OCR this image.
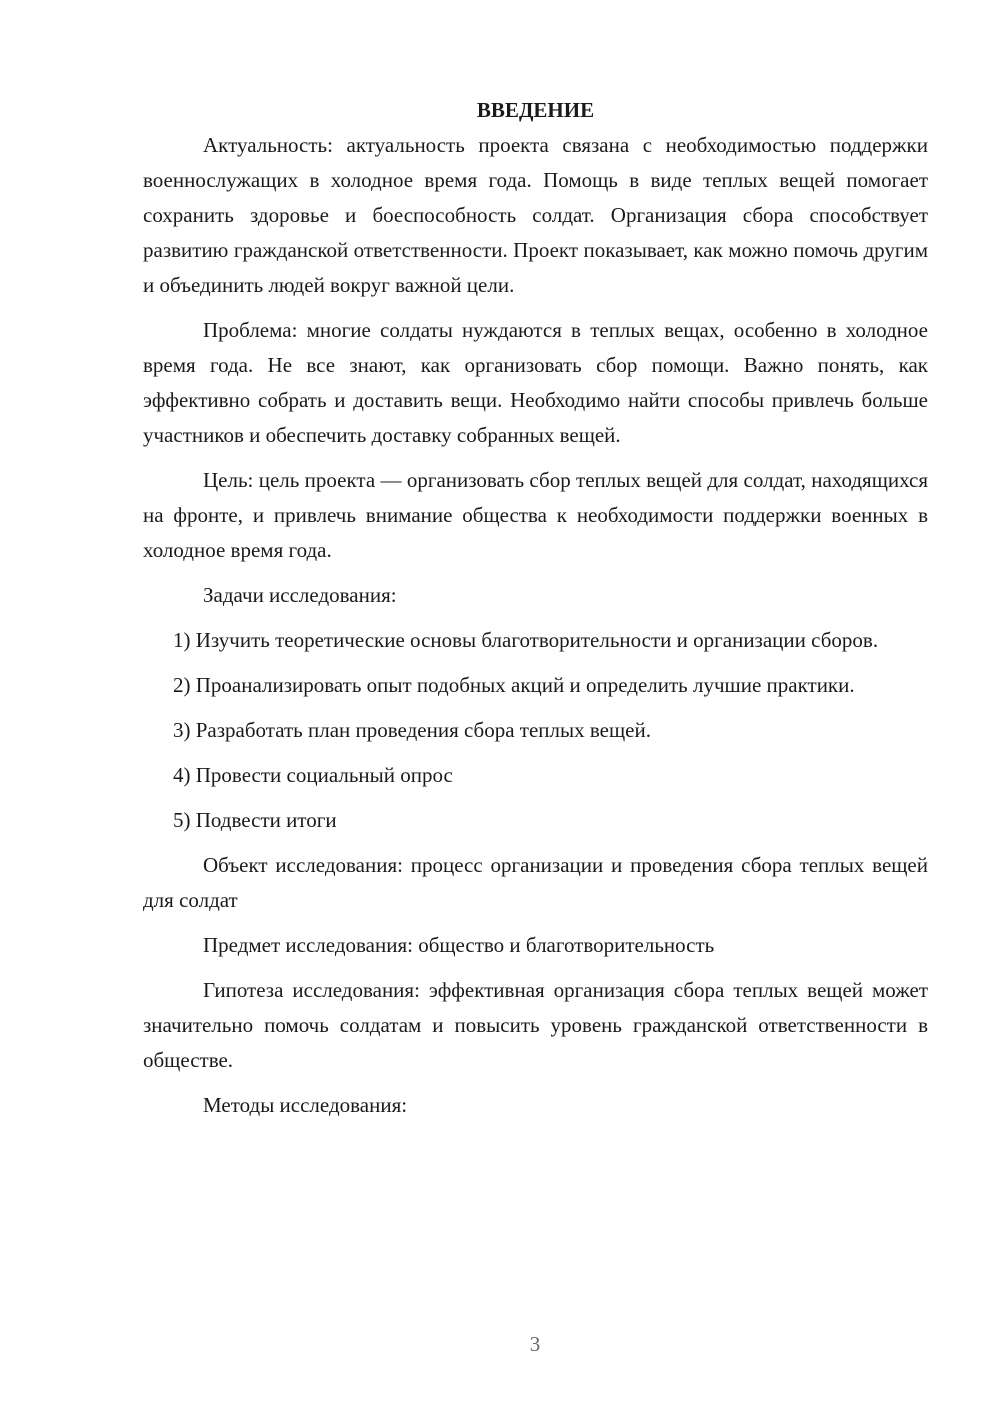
ВВЕДЕНИЕ

Актуальность: актуальность проекта связана с необходимостью поддержки военнослужащих в холодное время года. Помощь в виде теплых вещей помогает сохранить здоровье и боеспособность солдат. Организация сбора способствует развитию гражданской ответственности. Проект показывает, как можно помочь другим и объединить людей вокруг важной цели.

Проблема: многие солдаты нуждаются в теплых вещах, особенно в холодное время года. Не все знают, как организовать сбор помощи. Важно понять, как эффективно собрать и доставить вещи. Необходимо найти способы привлечь больше участников и обеспечить доставку собранных вещей.

Цель: цель проекта — организовать сбор теплых вещей для солдат, находящихся на фронте, и привлечь внимание общества к необходимости поддержки военных в холодное время года.

Задачи исследования:

1) Изучить теоретические основы благотворительности и организации сборов.

2) Проанализировать опыт подобных акций и определить лучшие практики.

3) Разработать план проведения сбора теплых вещей.

4) Провести социальный опрос

5) Подвести итоги

Объект исследования: процесс организации и проведения сбора теплых вещей для солдат

Предмет исследования: общество и благотворительность

Гипотеза исследования: эффективная организация сбора теплых вещей может значительно помочь солдатам и повысить уровень гражданской ответственности в обществе.

Методы исследования:

3
